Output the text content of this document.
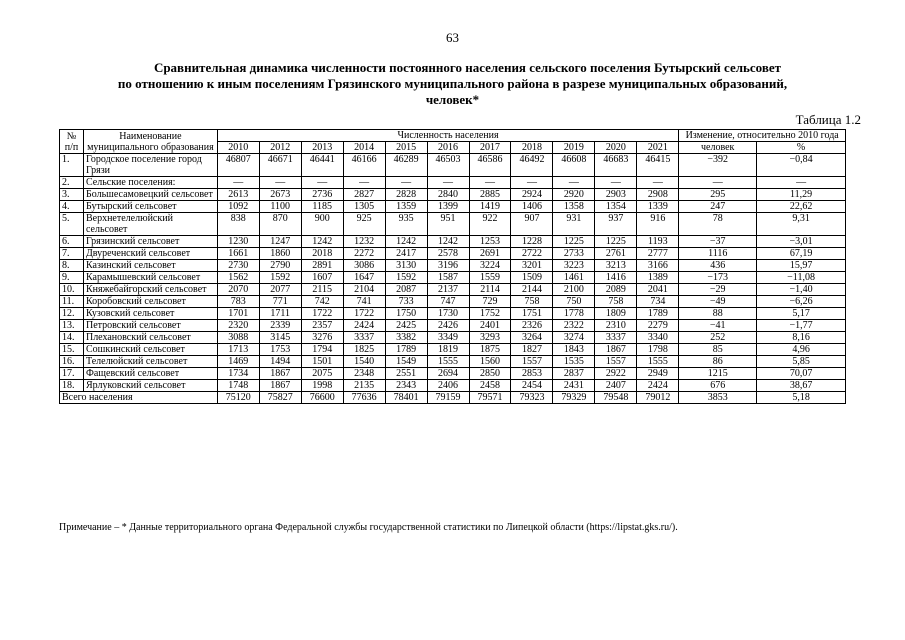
63
Сравнительная динамика численности постоянного населения сельского поселения Бутырский сельсовет
по отношению к иным поселениям Грязинского муниципального района в разрезе муниципальных образований,
человек*
Таблица 1.2
№ п/п	Наименование муниципального образования	Численность населения											Изменение, относительно 2010 года	
		2010	2012	2013	2014	2015	2016	2017	2018	2019	2020	2021	человек	%
1.	Городское поселение город Грязи	46807	46671	46441	46166	46289	46503	46586	46492	46608	46683	46415	−392	−0,84
2.	Сельские поселения:	—	—	—	—	—	—	—	—	—	—	—	—	—
3.	Большесамовецкий сельсовет	2613	2673	2736	2827	2828	2840	2885	2924	2920	2903	2908	295	11,29
4.	Бутырский сельсовет	1092	1100	1185	1305	1359	1399	1419	1406	1358	1354	1339	247	22,62
5.	Верхнетелелюйский сельсовет	838	870	900	925	935	951	922	907	931	937	916	78	9,31
6.	Грязинский сельсовет	1230	1247	1242	1232	1242	1242	1253	1228	1225	1225	1193	−37	−3,01
7.	Двуреченский сельсовет	1661	1860	2018	2272	2417	2578	2691	2722	2733	2761	2777	1116	67,19
8.	Казинский сельсовет	2730	2790	2891	3086	3130	3196	3224	3201	3223	3213	3166	436	15,97
9.	Карамышевский сельсовет	1562	1592	1607	1647	1592	1587	1559	1509	1461	1416	1389	−173	−11,08
10.	Княжебайгорский сельсовет	2070	2077	2115	2104	2087	2137	2114	2144	2100	2089	2041	−29	−1,40
11.	Коробовский сельсовет	783	771	742	741	733	747	729	758	750	758	734	−49	−6,26
12.	Кузовский сельсовет	1701	1711	1722	1722	1750	1730	1752	1751	1778	1809	1789	88	5,17
13.	Петровский сельсовет	2320	2339	2357	2424	2425	2426	2401	2326	2322	2310	2279	−41	−1,77
14.	Плехановский сельсовет	3088	3145	3276	3337	3382	3349	3293	3264	3274	3337	3340	252	8,16
15.	Сошкинский сельсовет	1713	1753	1794	1825	1789	1819	1875	1827	1843	1867	1798	85	4,96
16.	Телелюйский сельсовет	1469	1494	1501	1540	1549	1555	1560	1557	1535	1557	1555	86	5,85
17.	Фащевский сельсовет	1734	1867	2075	2348	2551	2694	2850	2853	2837	2922	2949	1215	70,07
18.	Ярлуковский сельсовет	1748	1867	1998	2135	2343	2406	2458	2454	2431	2407	2424	676	38,67
Всего населения		75120	75827	76600	77636	78401	79159	79571	79323	79329	79548	79012	3853	5,18
Примечание – * Данные территориального органа Федеральной службы государственной статистики по Липецкой области (https://lipstat.gks.ru/).
